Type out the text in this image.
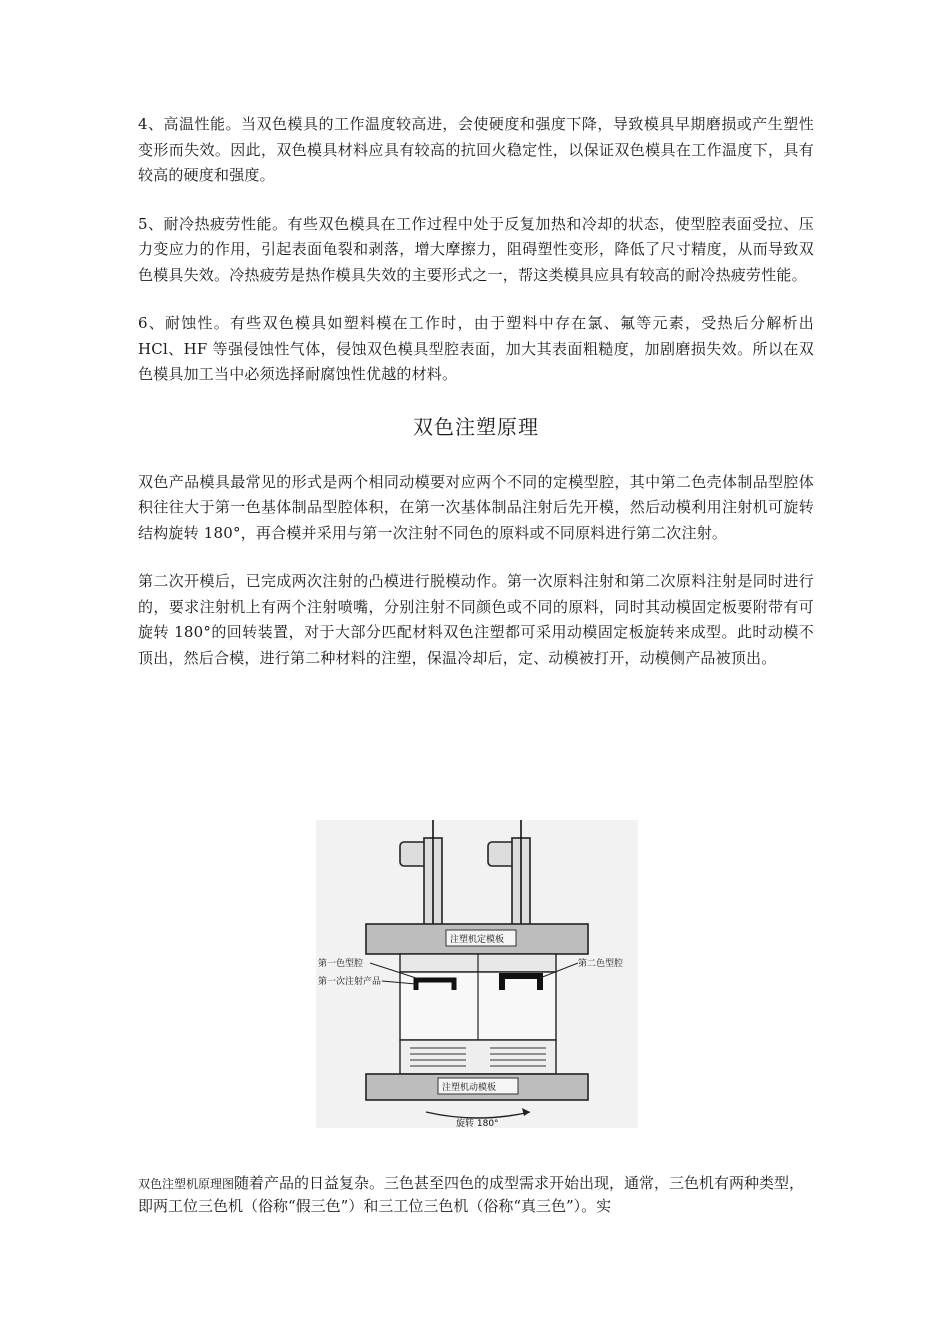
4、高温性能。当双色模具的工作温度较高进，会使硬度和强度下降，导致模具早期磨损或产生塑性变形而失效。因此，双色模具材料应具有较高的抗回火稳定性，以保证双色模具在工作温度下，具有较高的硬度和强度。

5、耐冷热疲劳性能。有些双色模具在工作过程中处于反复加热和冷却的状态，使型腔表面受拉、压力变应力的作用，引起表面龟裂和剥落，增大摩擦力，阻碍塑性变形，降低了尺寸精度，从而导致双色模具失效。冷热疲劳是热作模具失效的主要形式之一，帮这类模具应具有较高的耐冷热疲劳性能。

6、耐蚀性。有些双色模具如塑料模在工作时，由于塑料中存在氯、氟等元素，受热后分解析出 HCl、HF 等强侵蚀性气体，侵蚀双色模具型腔表面，加大其表面粗糙度，加剧磨损失效。所以在双色模具加工当中必须选择耐腐蚀性优越的材料。

双色注塑原理

双色产品模具最常见的形式是两个相同动模要对应两个不同的定模型腔，其中第二色壳体制品型腔体积往往大于第一色基体制品型腔体积，在第一次基体制品注射后先开模，然后动模利用注射机可旋转结构旋转 180°，再合模并采用与第一次注射不同色的原料或不同原料进行第二次注射。

第二次开模后，已完成两次注射的凸模进行脱模动作。第一次原料注射和第二次原料注射是同时进行的，要求注射机上有两个注射喷嘴，分别注射不同颜色或不同的原料，同时其动模固定板要附带有可旋转 180°的回转装置，对于大部分匹配材料双色注塑都可采用动模固定板旋转来成型。此时动模不顶出，然后合模，进行第二种材料的注塑，保温冷却后，定、动模被打开，动模侧产品被顶出。

注塑机定模板
注塑机动模板
旋转 180°
第一色型腔
第一次注射产品
第二色型腔
双色注塑机原理图随着产品的日益复杂。三色甚至四色的成型需求开始出现，通常，三色机有两种类型，即两工位三色机（俗称“假三色”）和三工位三色机（俗称“真三色”）。实
